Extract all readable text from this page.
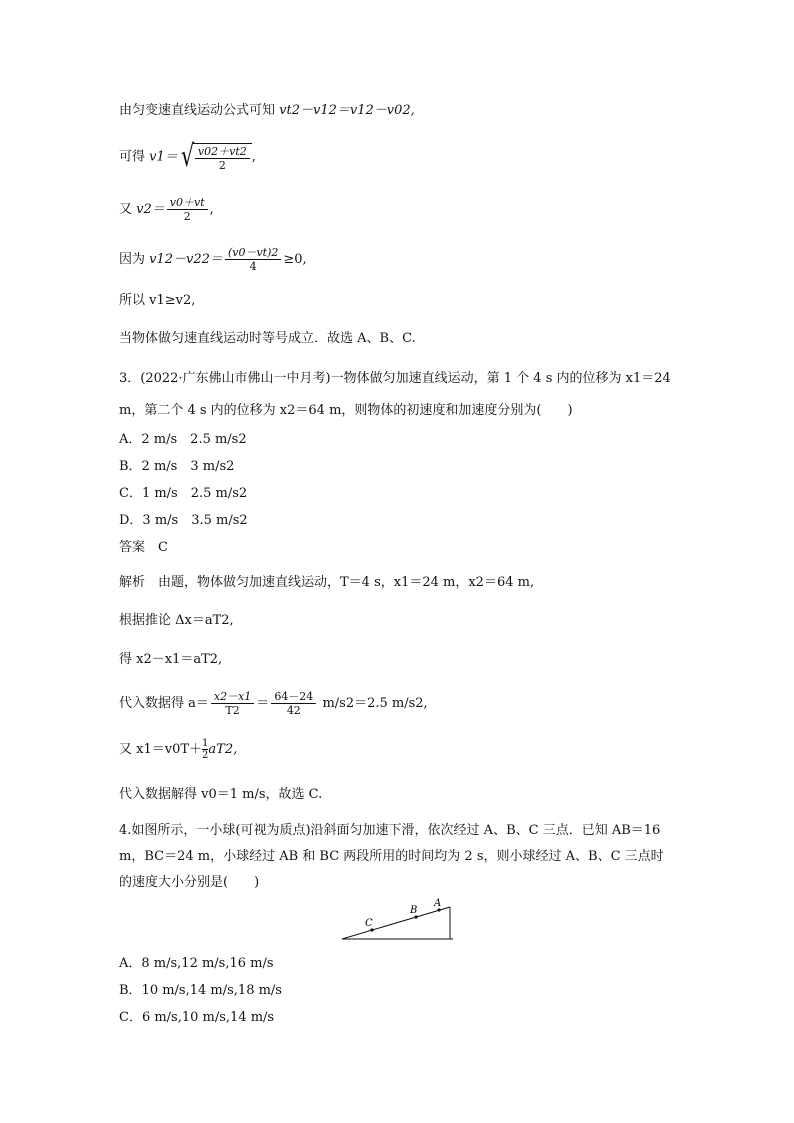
由匀变速直线运动公式可知 vt2－v12＝v12－v02,
可得 $v1=√ \frac{v02+vt2}{2}$ ,
又 $v2= \frac{v0+vt}{2}$ ,
因为 $v12-v22= \frac{(v0-vt)2}{4} \ge 0$,
所以 v1≥v2,
当物体做匀速直线运动时等号成立．故选 A、B、C.
3．(2022·广东佛山市佛山一中月考)一物体做匀加速直线运动，第 1 个 4 s 内的位移为 x1＝24
m，第二个 4 s 内的位移为 x2＝64 m，则物体的初速度和加速度分别为(　　)
A．2 m/s　2.5 m/s2
B．2 m/s　3 m/s2
C．1 m/s　2.5 m/s2
D．3 m/s　3.5 m/s2
答案　C
解析　由题，物体做匀加速直线运动，T＝4 s，x1＝24 m，x2＝64 m,
根据推论 Δx＝aT2,
得 x2－x1＝aT2,
代入数据得 $a= \frac{x2-x1}{T2} = \frac{64-24}{42} m/s2=2.5$ m/s2,
又 $x1=v0T+ \frac{1}{2} aT2$,
代入数据解得 v0＝1 m/s，故选 C.
4.如图所示，一小球(可视为质点)沿斜面匀加速下滑，依次经过 A、B、C 三点．已知 AB＝16
m，BC＝24 m，小球经过 AB 和 BC 两段所用的时间均为 2 s，则小球经过 A、B、C 三点时
的速度大小分别是(　　)
C
B
A
A．8 m/s,12 m/s,16 m/s
B．10 m/s,14 m/s,18 m/s
C．6 m/s,10 m/s,14 m/s
